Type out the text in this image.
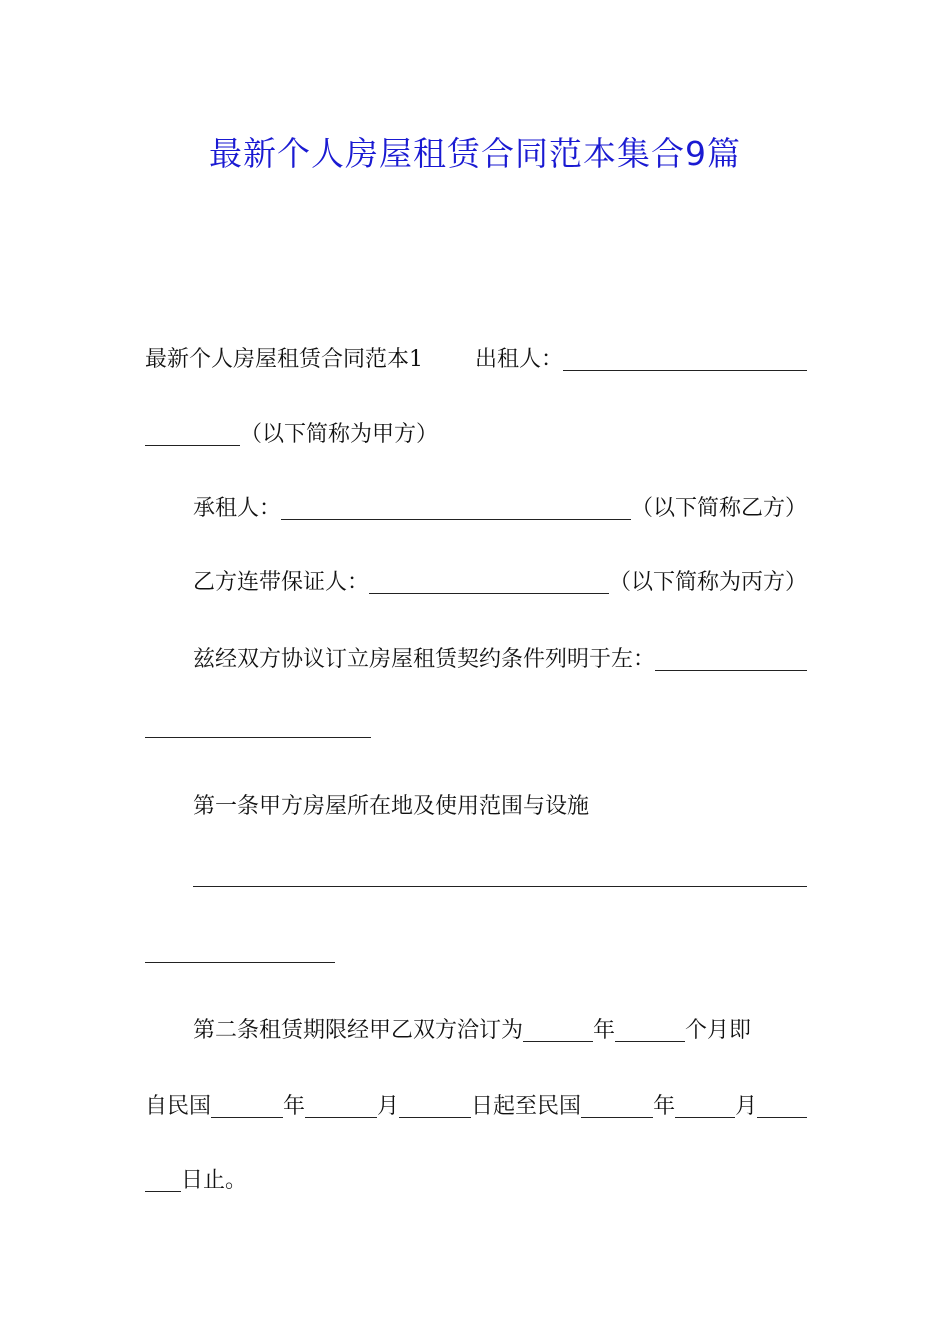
最新个人房屋租赁合同范本集合9篇
最新个人房屋租赁合同范本1 出租人：
（以下简称为甲方）
承租人：	（以下简称乙方）
乙方连带保证人：	（以下简称为丙方）
兹经双方协议订立房屋租赁契约条件列明于左：
第一条甲方房屋所在地及使用范围与设施
第二条租赁期限经甲乙双方洽订为	年	个月即
自民国	年	月	日起至民国	年	月
日止。
